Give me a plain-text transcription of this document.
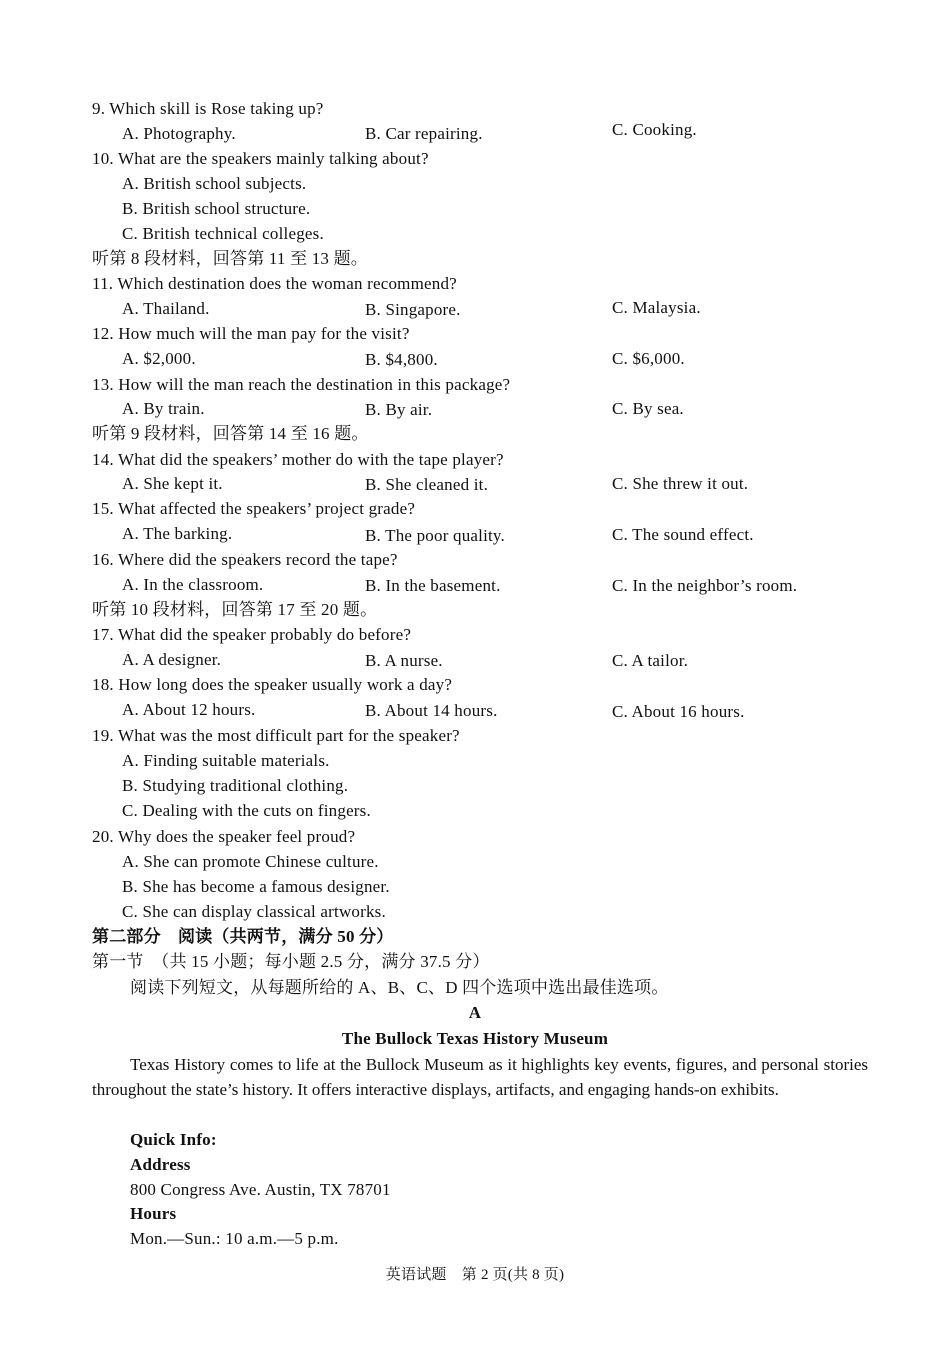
9. Which skill is Rose taking up?
A. Photography.	B. Car repairing.	C. Cooking.
10. What are the speakers mainly talking about?
A. British school subjects.
B. British school structure.
C. British technical colleges.
听第 8 段材料，回答第 11 至 13 题。
11. Which destination does the woman recommend?
A. Thailand.	B. Singapore.	C. Malaysia.
12. How much will the man pay for the visit?
A. $2,000.	B. $4,800.	C. $6,000.
13. How will the man reach the destination in this package?
A. By train.	B. By air.	C. By sea.
听第 9 段材料，回答第 14 至 16 题。
14. What did the speakers’ mother do with the tape player?
A. She kept it.	B. She cleaned it.	C. She threw it out.
15. What affected the speakers’ project grade?
A. The barking.	B. The poor quality.	C. The sound effect.
16. Where did the speakers record the tape?
A. In the classroom.	B. In the basement.	C. In the neighbor’s room.
听第 10 段材料，回答第 17 至 20 题。
17. What did the speaker probably do before?
A. A designer.	B. A nurse.	C. A tailor.
18. How long does the speaker usually work a day?
A. About 12 hours.	B. About 14 hours.	C. About 16 hours.
19. What was the most difficult part for the speaker?
A. Finding suitable materials.
B. Studying traditional clothing.
C. Dealing with the cuts on fingers.
20. Why does the speaker feel proud?
A. She can promote Chinese culture.
B. She has become a famous designer.
C. She can display classical artworks.
第二部分　阅读（共两节，满分 50 分）
第一节　（共 15 小题；每小题 2.5 分，满分 37.5 分）
阅读下列短文，从每题所给的 A、B、C、D 四个选项中选出最佳选项。
A
The Bullock Texas History Museum
Texas History comes to life at the Bullock Museum as it highlights key events, figures, and personal stories throughout the state’s history. It offers interactive displays, artifacts, and engaging hands-on exhibits.
Quick Info:
Address
800 Congress Ave. Austin, TX 78701
Hours
Mon.—Sun.: 10 a.m.—5 p.m.
英语试题　第 2 页(共 8 页)
